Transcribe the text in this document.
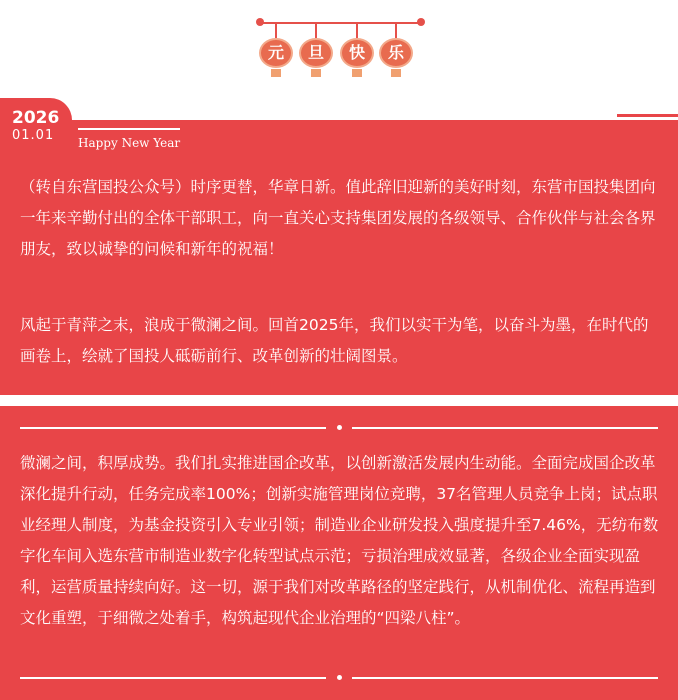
元	旦	快	乐
2026
01.01 Happy New Year

（转自东营国投公众号）时序更替，华章日新。值此辞旧迎新的美好时刻，东营市国投集团向一年来辛勤付出的全体干部职工，向一直关心支持集团发展的各级领导、合作伙伴与社会各界朋友，致以诚挚的问候和新年的祝福！

风起于青萍之末，浪成于微澜之间。回首2025年，我们以实干为笔，以奋斗为墨，在时代的画卷上，绘就了国投人砥砺前行、改革创新的壮阔图景。

微澜之间，积厚成势。我们扎实推进国企改革，以创新激活发展内生动能。全面完成国企改革深化提升行动，任务完成率100%；创新实施管理岗位竞聘，37名管理人员竞争上岗；试点职业经理人制度，为基金投资引入专业引领；制造业企业研发投入强度提升至7.46%，无纺布数字化车间入选东营市制造业数字化转型试点示范；亏损治理成效显著，各级企业全面实现盈利，运营质量持续向好。这一切，源于我们对改革路径的坚定践行，从机制优化、流程再造到文化重塑，于细微之处着手，构筑起现代企业治理的“四梁八柱”。
